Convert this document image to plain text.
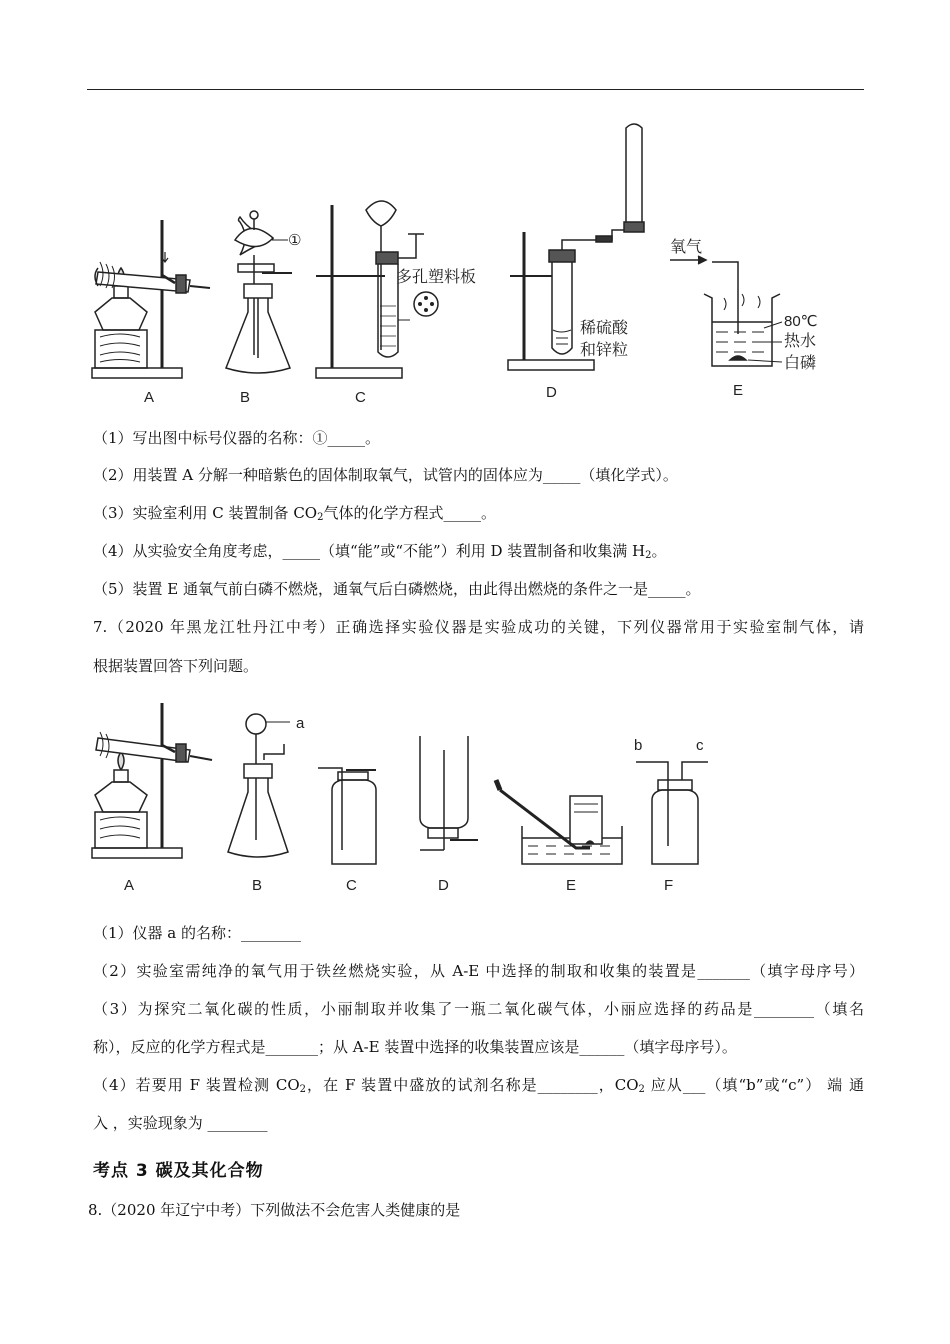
A
①
B
多孔塑料板
C
稀硫酸
和锌粒
D
氧气
80℃
热水
白磷
E
（1）写出图中标号仪器的名称：①_____。
（2）用装置 A 分解一种暗紫色的固体制取氧气，试管内的固体应为_____（填化学式）。
（3）实验室利用 C 装置制备 $CO_2$气体的化学方程式_____。
（4）从实验安全角度考虑，_____（填“能”或“不能”）利用 D 装置制备和收集满 $H_2$。
（5）装置 E 通氧气前白磷不燃烧，通氧气后白磷燃烧，由此得出燃烧的条件之一是_____。
7.（2020 年黑龙江牡丹江中考）正确选择实验仪器是实验成功的关键，下列仪器常用于实验室制气体，请
根据装置回答下列问题。
A
a
B	C	D	E
b	c
F
（1）仪器 a 的名称：________
（2）实验室需纯净的氧气用于铁丝燃烧实验，从 A-E 中选择的制取和收集的装置是_______（填字母序号）
（3）为探究二氧化碳的性质，小丽制取并收集了一瓶二氧化碳气体，小丽应选择的药品是________（填名
称），反应的化学方程式是_______；从 A-E 装置中选择的收集装置应该是______（填字母序号）。
（4）若要用 F 装置检测 $CO_2$，在 F 装置中盛放的试剂名称是________，$CO_2$ 应从___（填“b”或“c”） 端 通
入 ，实验现象为 ________
考点 3 碳及其化合物
8.（2020 年辽宁中考）下列做法不会危害人类健康的是
